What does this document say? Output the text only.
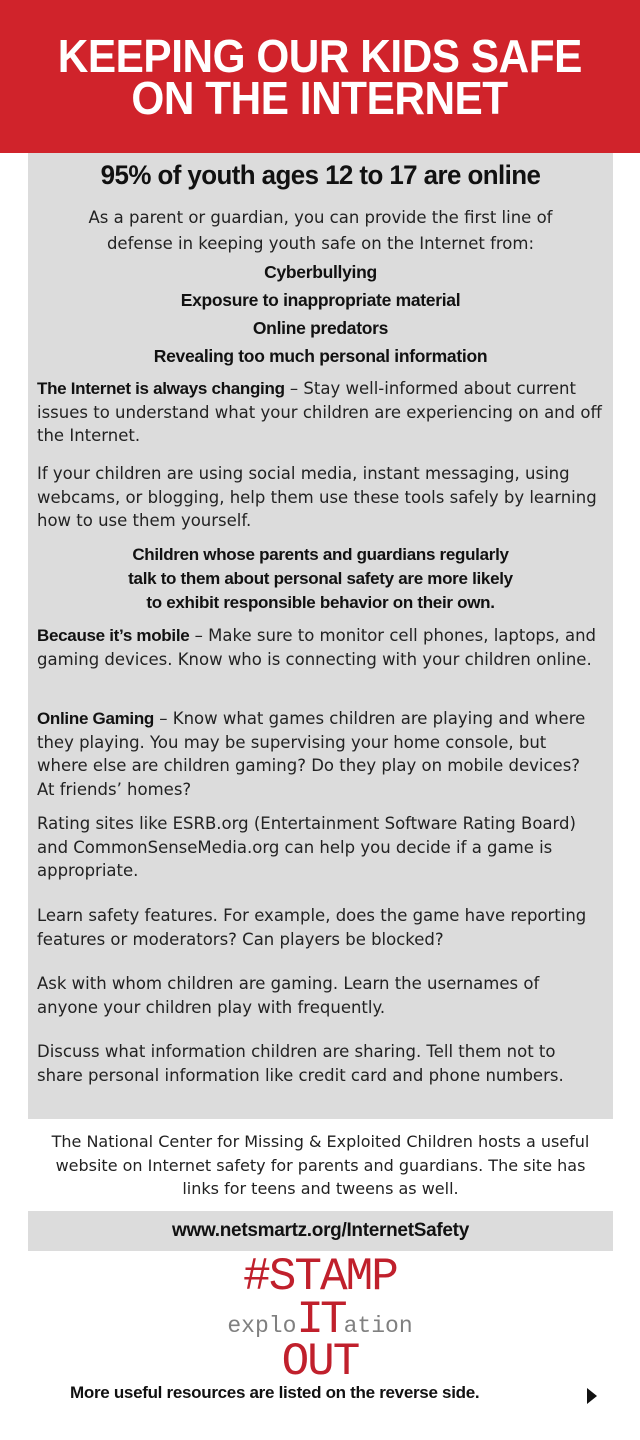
KEEPING OUR KIDS SAFE
ON THE INTERNET
95% of youth ages 12 to 17 are online
As a parent or guardian, you can provide the first line of defense in keeping youth safe on the Internet from:
Cyberbullying
Exposure to inappropriate material
Online predators
Revealing too much personal information
The Internet is always changing – Stay well-informed about current issues to understand what your children are experiencing on and off the Internet.
If your children are using social media, instant messaging, using webcams, or blogging, help them use these tools safely by learning how to use them yourself.
Children whose parents and guardians regularly
talk to them about personal safety are more likely
to exhibit responsible behavior on their own.
Because it’s mobile – Make sure to monitor cell phones, laptops, and gaming devices. Know who is connecting with your children online.
Online Gaming – Know what games children are playing and where they playing. You may be supervising your home console, but where else are children gaming? Do they play on mobile devices? At friends’ homes?
Rating sites like ESRB.org (Entertainment Software Rating Board) and CommonSenseMedia.org can help you decide if a game is appropriate.
Learn safety features. For example, does the game have reporting features or moderators? Can players be blocked?
Ask with whom children are gaming. Learn the usernames of anyone your children play with frequently.
Discuss what information children are sharing. Tell them not to share personal information like credit card and phone numbers.
The National Center for Missing & Exploited Children hosts a useful website on Internet safety for parents and guardians. The site has links for teens and tweens as well.
www.netsmartz.org/InternetSafety
#STAMP
explo IT ation
OUT
More useful resources are listed on the reverse side.
